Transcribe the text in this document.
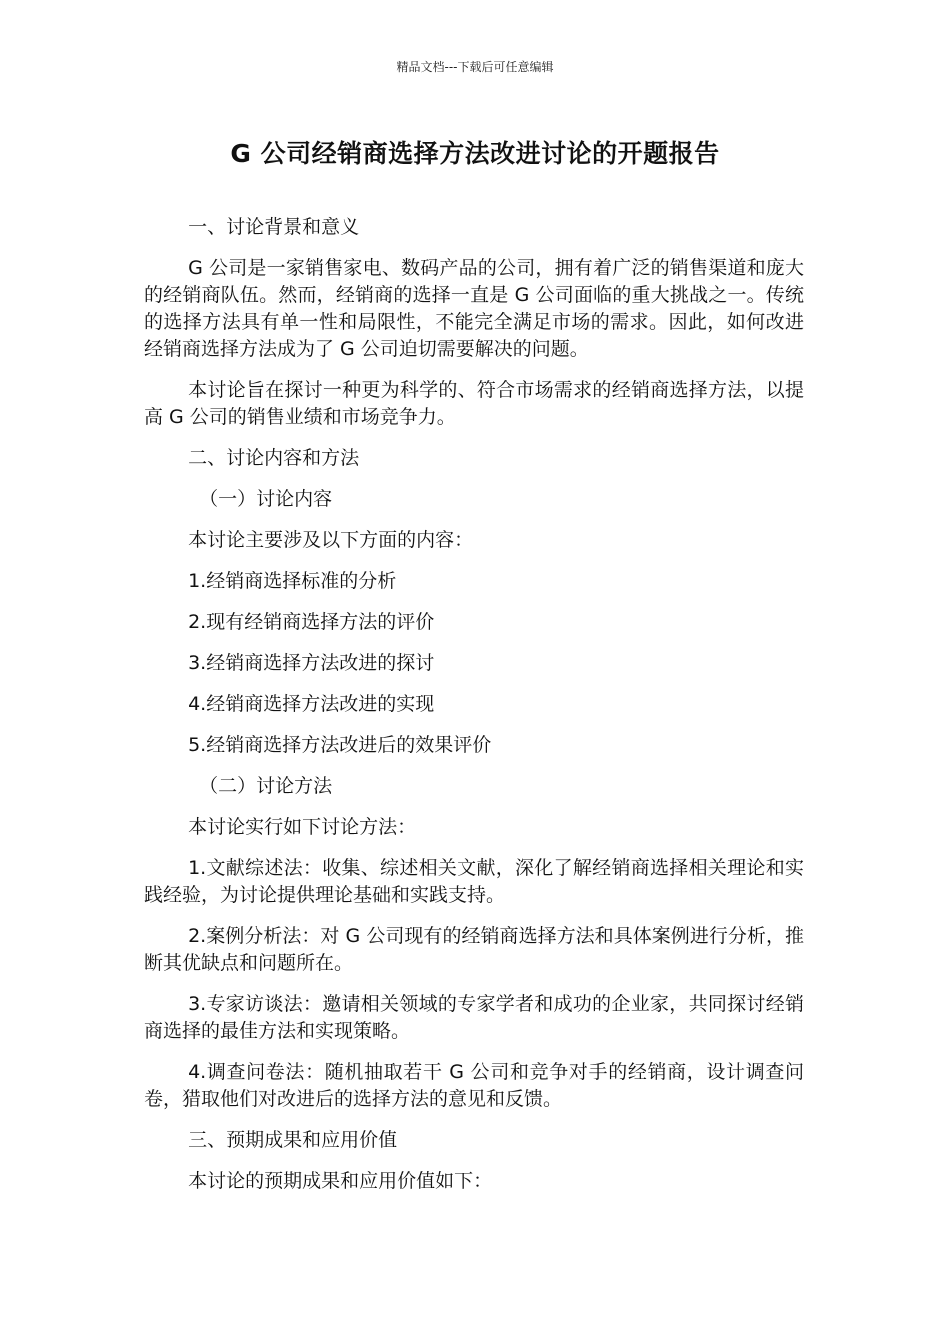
精品文档---下载后可任意编辑
G 公司经销商选择方法改进讨论的开题报告

一、讨论背景和意义

G 公司是一家销售家电、数码产品的公司，拥有着广泛的销售渠道和庞大的经销商队伍。然而，经销商的选择一直是 G 公司面临的重大挑战之一。传统的选择方法具有单一性和局限性，不能完全满足市场的需求。因此，如何改进经销商选择方法成为了 G 公司迫切需要解决的问题。

本讨论旨在探讨一种更为科学的、符合市场需求的经销商选择方法，以提高 G 公司的销售业绩和市场竞争力。

二、讨论内容和方法

（一）讨论内容

本讨论主要涉及以下方面的内容：

1.经销商选择标准的分析

2.现有经销商选择方法的评价

3.经销商选择方法改进的探讨

4.经销商选择方法改进的实现

5.经销商选择方法改进后的效果评价

（二）讨论方法

本讨论实行如下讨论方法：

1.文献综述法：收集、综述相关文献，深化了解经销商选择相关理论和实践经验，为讨论提供理论基础和实践支持。

2.案例分析法：对 G 公司现有的经销商选择方法和具体案例进行分析，推断其优缺点和问题所在。

3.专家访谈法：邀请相关领域的专家学者和成功的企业家，共同探讨经销商选择的最佳方法和实现策略。

4.调查问卷法：随机抽取若干 G 公司和竞争对手的经销商，设计调查问卷，猎取他们对改进后的选择方法的意见和反馈。

三、预期成果和应用价值

本讨论的预期成果和应用价值如下：
